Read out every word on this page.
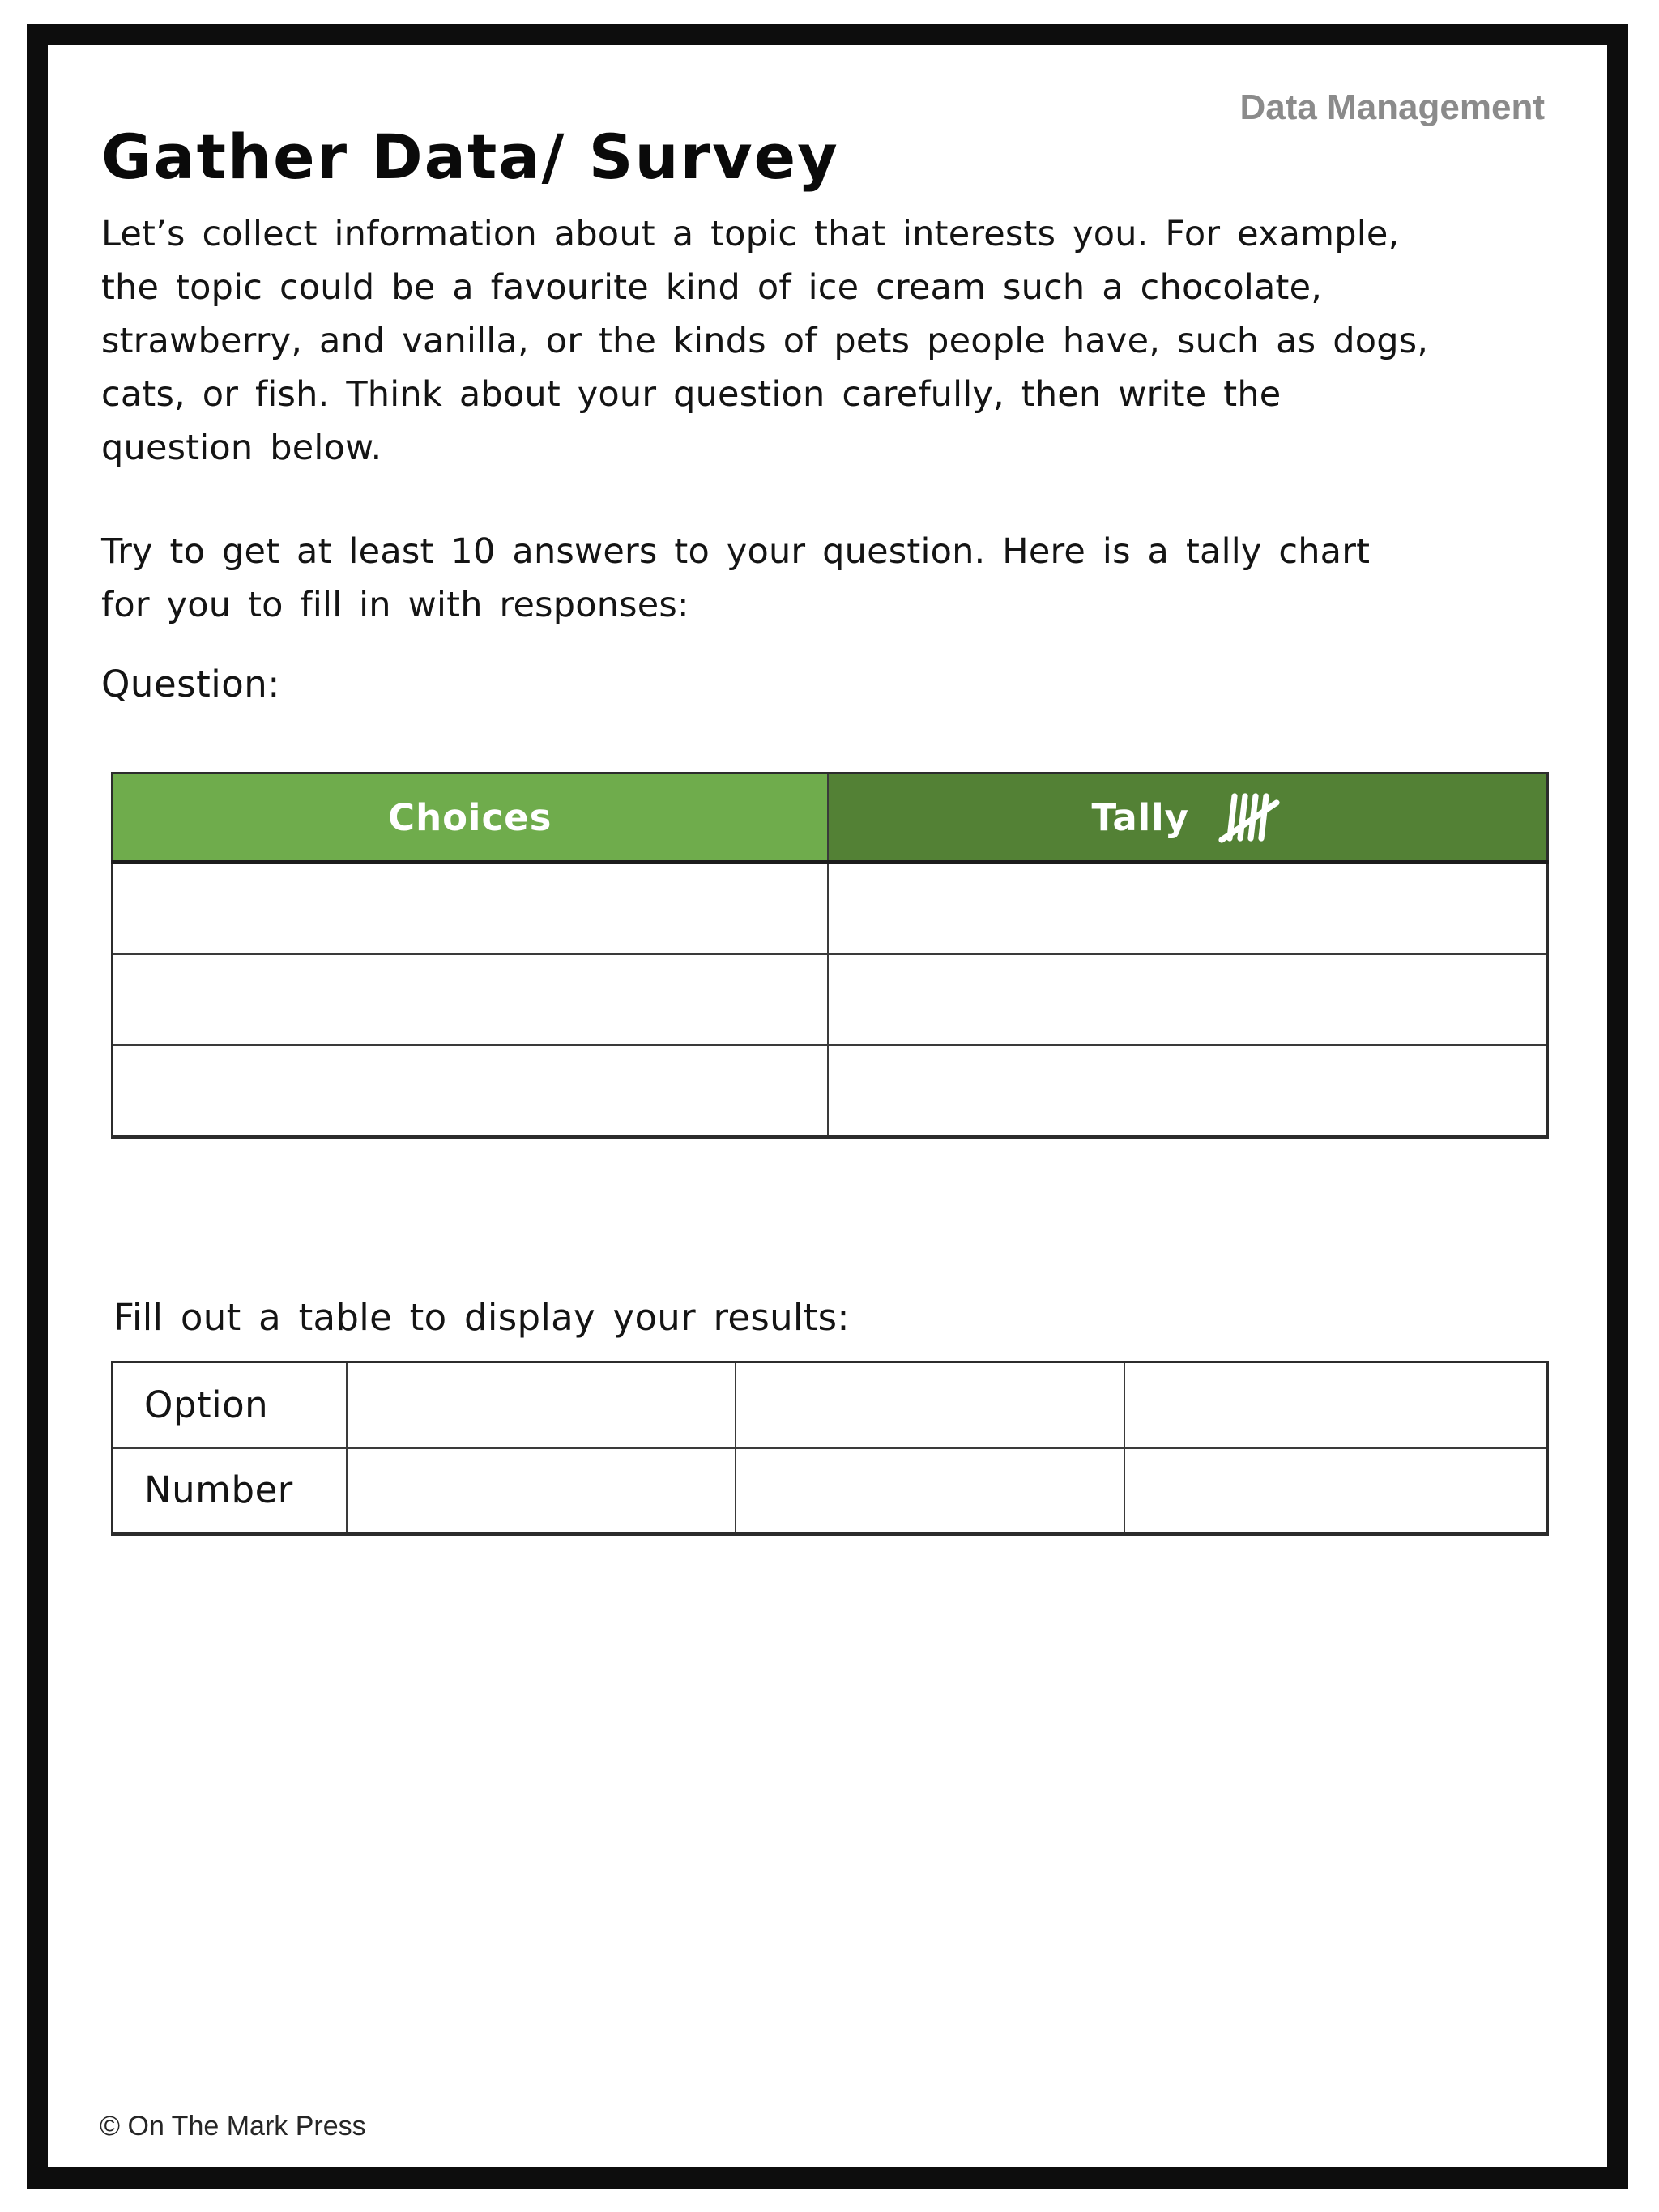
Gather Data/ Survey
Data Management
Let’s collect information about a topic that interests you. For example,
the topic could be a favourite kind of ice cream such a chocolate,
strawberry, and vanilla, or the kinds of pets people have, such as dogs,
cats, or fish. Think about your question carefully, then write the
question below.
Try to get at least 10 answers to your question. Here is a tally chart
for you to fill in with responses:
Question:
Choices	Tally

Fill out a table to display your results:
Option			
Number			
© On The Mark Press
